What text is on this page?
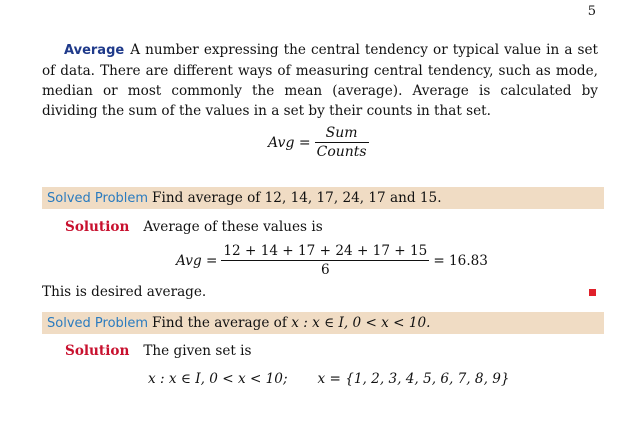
5

Average A number expressing the central tendency or typical value in a set of data. There are different ways of measuring central tendency, such as mode, median or most commonly the mean (average). Average is calculated by dividing the sum of the values in a set by their counts in that set.

Avg = $\frac{\text{Sum}}{\text{Counts}}$
Solved Problem Find average of 12, 14, 17, 24, 17 and 15.
Solution Average of these values is
Avg = $\frac{12 + 14 + 17 + 24 + 17 + 15}{6} = 16.83$
This is desired average.
Solved Problem Find the average of x : x ∈ I, 0 < x < 10.
Solution The given set is
x : x ∈ I, 0 < x < 10; x = {1, 2, 3, 4, 5, 6, 7, 8, 9}
